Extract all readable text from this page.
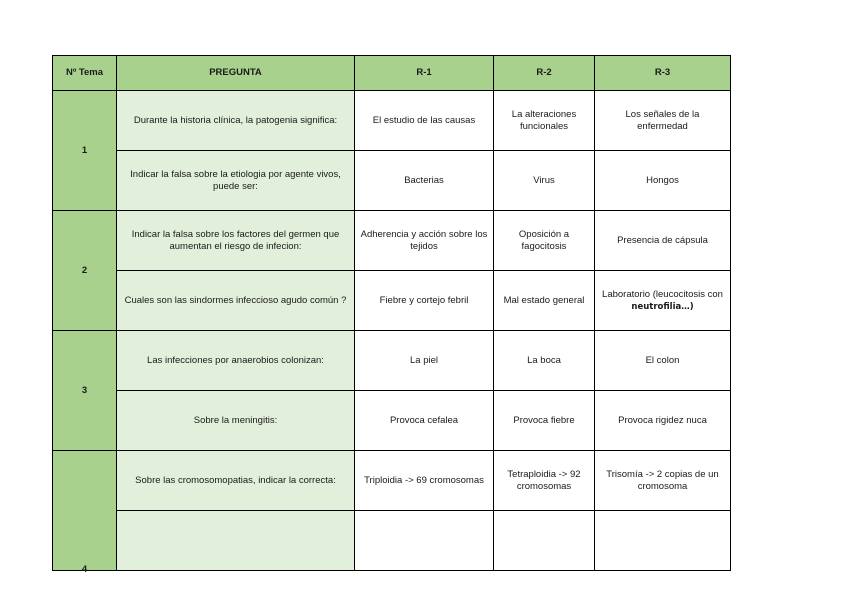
Nº Tema	PREGUNTA	R-1	R-2	R-3
1	Durante la historia clínica, la patogenia significa:	El estudio de las causas	La alteraciones funcionales	Los señales de la enfermedad
	Indicar la falsa sobre la etiologia por agente vivos, puede ser:	Bacterias	Virus	Hongos
2	Indicar la falsa sobre los factores del germen que aumentan el riesgo de infecion:	Adherencia y acción sobre los tejidos	Oposición a fagocitosis	Presencia de cápsula
	Cuales son las sindormes infeccioso agudo común ?	Fiebre y cortejo febril	Mal estado general	Laboratorio (leucocitosis con
neutrofilia…)
3	Las infecciones por anaerobios colonizan:	La piel	La boca	El colon
	Sobre la meningitis:	Provoca cefalea	Provoca fiebre	Provoca rigidez nuca

4	Sobre las cromosomopatias, indicar la correcta:	Triploidia -> 69 cromosomas	Tetraploidia -> 92 cromosomas	Trisomía -> 2 copias de un cromosoma
